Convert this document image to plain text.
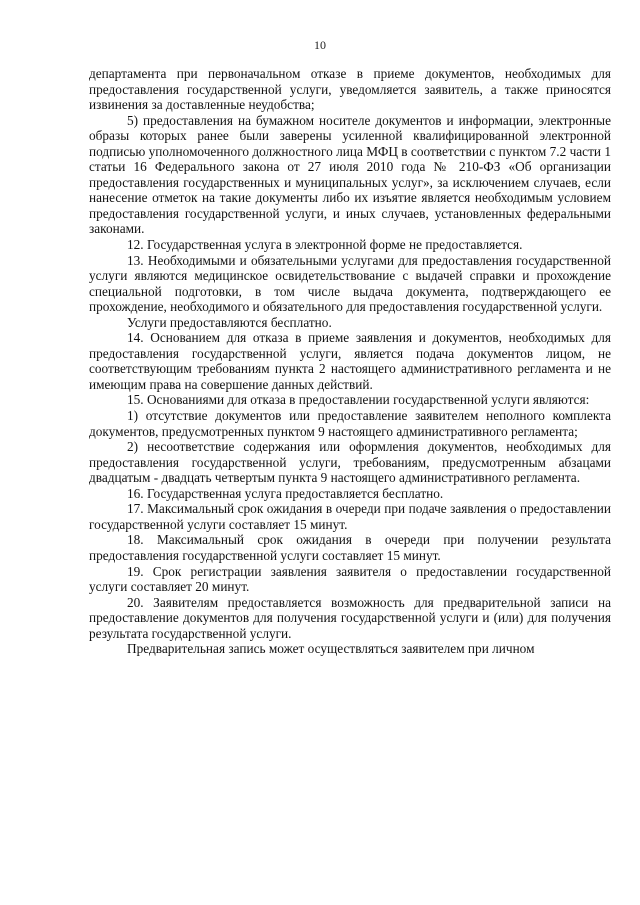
10

департамента при первоначальном отказе в приеме документов, необходимых для предоставления государственной услуги, уведомляется заявитель, а также приносятся извинения за доставленные неудобства;

5) предоставления на бумажном носителе документов и информации, электронные образы которых ранее были заверены усиленной квалифицированной электронной подписью уполномоченного должностного лица МФЦ в соответствии с пунктом 7.2 части 1 статьи 16 Федерального закона от 27 июля 2010 года № 210-ФЗ «Об организации предоставления государственных и муниципальных услуг», за исключением случаев, если нанесение отметок на такие документы либо их изъятие является необходимым условием предоставления государственной услуги, и иных случаев, установленных федеральными законами.

12. Государственная услуга в электронной форме не предоставляется.

13. Необходимыми и обязательными услугами для предоставления государственной услуги являются медицинское освидетельствование с выдачей справки и прохождение специальной подготовки, в том числе выдача документа, подтверждающего ее прохождение, необходимого и обязательного для предоставления государственной услуги.

Услуги предоставляются бесплатно.

14. Основанием для отказа в приеме заявления и документов, необходимых для предоставления государственной услуги, является подача документов лицом, не соответствующим требованиям пункта 2 настоящего административного регламента и не имеющим права на совершение данных действий.

15. Основаниями для отказа в предоставлении государственной услуги являются:

1) отсутствие документов или предоставление заявителем неполного комплекта документов, предусмотренных пунктом 9 настоящего административного регламента;

2) несоответствие содержания или оформления документов, необходимых для предоставления государственной услуги, требованиям, предусмотренным абзацами двадцатым - двадцать четвертым пункта 9 настоящего административного регламента.

16. Государственная услуга предоставляется бесплатно.

17. Максимальный срок ожидания в очереди при подаче заявления о предоставлении государственной услуги составляет 15 минут.

18. Максимальный срок ожидания в очереди при получении результата предоставления государственной услуги составляет 15 минут.

19. Срок регистрации заявления заявителя о предоставлении государственной услуги составляет 20 минут.

20. Заявителям предоставляется возможность для предварительной записи на предоставление документов для получения государственной услуги и (или) для получения результата государственной услуги.

Предварительная запись может осуществляться заявителем при личном
